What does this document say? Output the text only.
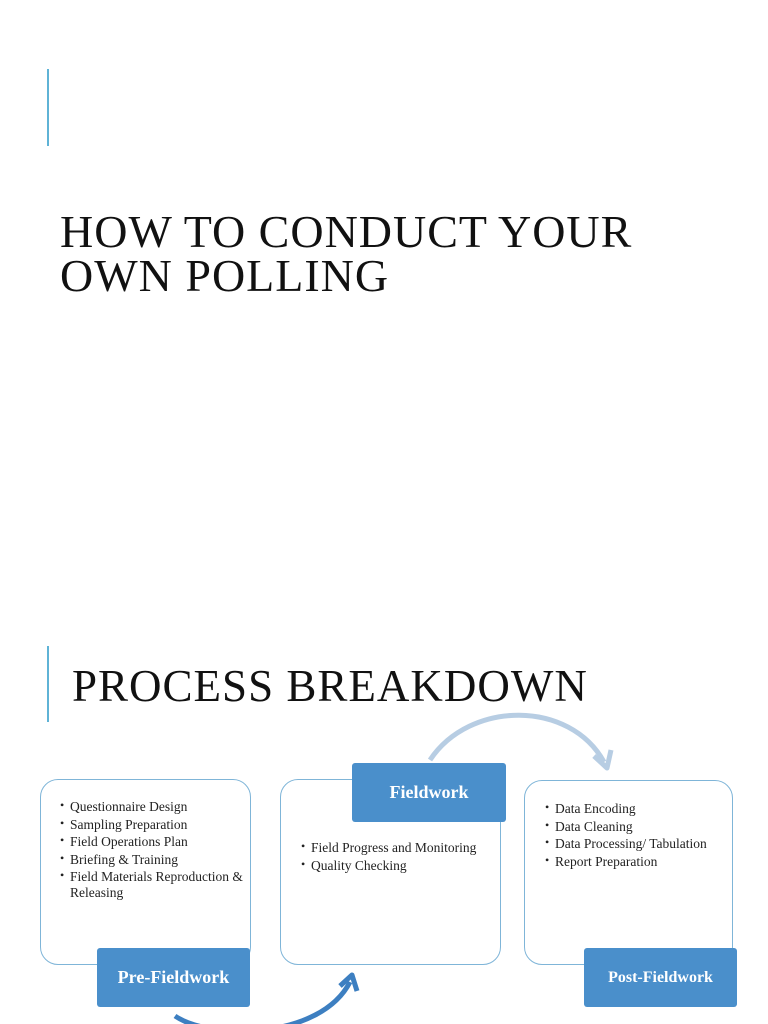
HOW TO CONDUCT YOUR
OWN POLLING
PROCESS BREAKDOWN
• Questionnaire Design
• Sampling Preparation
• Field Operations Plan
• Briefing & Training
• Field Materials Reproduction & Releasing
• Field Progress and Monitoring
• Quality Checking
• Data Encoding
• Data Cleaning
• Data Processing/ Tabulation
• Report Preparation
Pre-Fieldwork
Fieldwork
Post-Fieldwork
